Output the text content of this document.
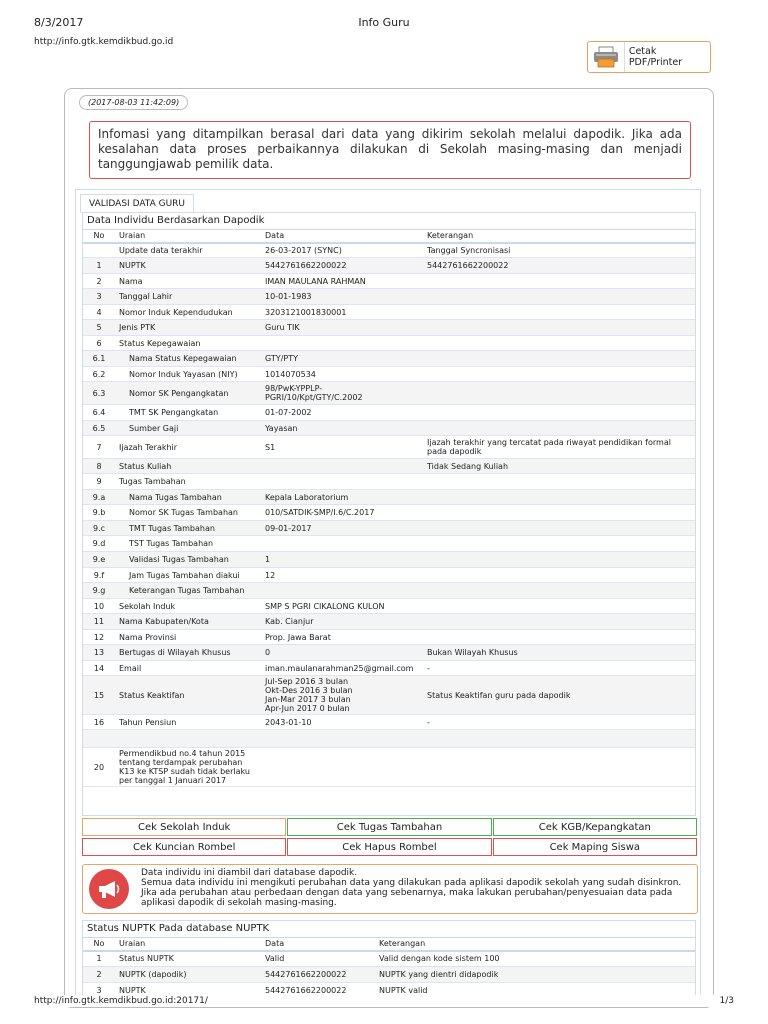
8/3/2017	Info Guru
http://info.gtk.kemdikbud.go.id
Cetak PDF/Printer
(2017-08-03 11:42:09)
Infomasi yang ditampilkan berasal dari data yang dikirim sekolah melalui dapodik. Jika ada kesalahan data proses perbaikannya dilakukan di Sekolah masing-masing dan menjadi tanggungjawab pemilik data.
VALIDASI DATA GURU
Data Individu Berdasarkan Dapodik
No	Uraian	Data	Keterangan
	Update data terakhir	26-03-2017 (SYNC)	Tanggal Syncronisasi
1	NUPTK	5442761662200022	5442761662200022
2	Nama	IMAN MAULANA RAHMAN	
3	Tanggal Lahir	10-01-1983	
4	Nomor Induk Kependudukan	3203121001830001	
5	Jenis PTK	Guru TIK	
6	Status Kepegawaian		
6.1	Nama Status Kepegawaian	GTY/PTY	
6.2	Nomor Induk Yayasan (NIY)	1014070534	
6.3	Nomor SK Pengangkatan	98/PwK-YPPLP-PGRI/10/Kpt/GTY/C.2002	
6.4	TMT SK Pengangkatan	01-07-2002	
6.5	Sumber Gaji	Yayasan	
7	Ijazah Terakhir	S1	Ijazah terakhir yang tercatat pada riwayat pendidikan formal pada dapodik
8	Status Kuliah		Tidak Sedang Kuliah
9	Tugas Tambahan		
9.a	Nama Tugas Tambahan	Kepala Laboratorium	
9.b	Nomor SK Tugas Tambahan	010/SATDIK-SMP/I.6/C.2017	
9.c	TMT Tugas Tambahan	09-01-2017	
9.d	TST Tugas Tambahan		
9.e	Validasi Tugas Tambahan	1	
9.f	Jam Tugas Tambahan diakui	12	
9.g	Keterangan Tugas Tambahan		
10	Sekolah Induk	SMP S PGRI CIKALONG KULON	
11	Nama Kabupaten/Kota	Kab. Cianjur	
12	Nama Provinsi	Prop. Jawa Barat	
13	Bertugas di Wilayah Khusus	0	Bukan Wilayah Khusus
14	Email	iman.maulanarahman25@gmail.com	-
15	Status Keaktifan	Jul-Sep 2016 3 bulan
Okt-Des 2016 3 bulan
Jan-Mar 2017 3 bulan
Apr-Jun 2017 0 bulan	Status Keaktifan guru pada dapodik
16	Tahun Pensiun	2043-01-10	-

20	Permendikbud no.4 tahun 2015 tentang terdampak perubahan K13 ke KTSP sudah tidak berlaku per tanggal 1 Januari 2017		
Cek Sekolah Induk	Cek Tugas Tambahan	Cek KGB/Kepangkatan
Cek Kuncian Rombel	Cek Hapus Rombel	Cek Maping Siswa
Data individu ini diambil dari database dapodik.
Semua data individu ini mengikuti perubahan data yang dilakukan pada aplikasi dapodik sekolah yang sudah disinkron. Jika ada perubahan atau perbedaan dengan data yang sebenarnya, maka lakukan perubahan/penyesuaian data pada aplikasi dapodik di sekolah masing-masing.
Status NUPTK Pada database NUPTK
No	Uraian	Data	Keterangan
1	Status NUPTK	Valid	Valid dengan kode sistem 100
2	NUPTK (dapodik)	5442761662200022	NUPTK yang dientri didapodik
3	NUPTK	5442761662200022	NUPTK valid
http://info.gtk.kemdikbud.go.id:20171/	1/3
